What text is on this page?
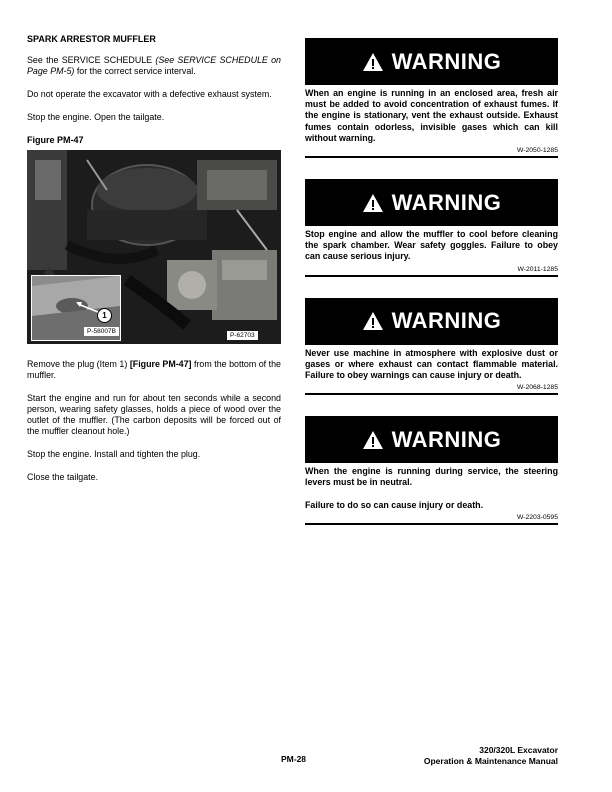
SPARK ARRESTOR MUFFLER

See the SERVICE SCHEDULE (See SERVICE SCHEDULE on Page PM-5) for the correct service interval.

Do not operate the excavator with a defective exhaust system.

Stop the engine. Open the tailgate.

Figure PM-47
1
P-58007B
P-62703

Remove the plug (Item 1) [Figure PM-47] from the bottom of the muffler.

Start the engine and run for about ten seconds while a second person, wearing safety glasses, holds a piece of wood over the outlet of the muffler. (The carbon deposits will be forced out of the muffler cleanout hole.)

Stop the engine. Install and tighten the plug.

Close the tailgate.

WARNING
When an engine is running in an enclosed area, fresh air must be added to avoid concentration of exhaust fumes. If the engine is stationary, vent the exhaust outside. Exhaust fumes contain odorless, invisible gases which can kill without warning.
W-2050-1285
WARNING
Stop engine and allow the muffler to cool before cleaning the spark chamber. Wear safety goggles. Failure to obey can cause serious injury.
W-2011-1285
WARNING
Never use machine in atmosphere with explosive dust or gases or where exhaust can contact flammable material. Failure to obey warnings can cause injury or death.
W-2068-1285
WARNING

When the engine is running during service, the steering levers must be in neutral.

Failure to do so can cause injury or death.

W-2203-0595
PM-28
320/320L Excavator
Operation & Maintenance Manual
